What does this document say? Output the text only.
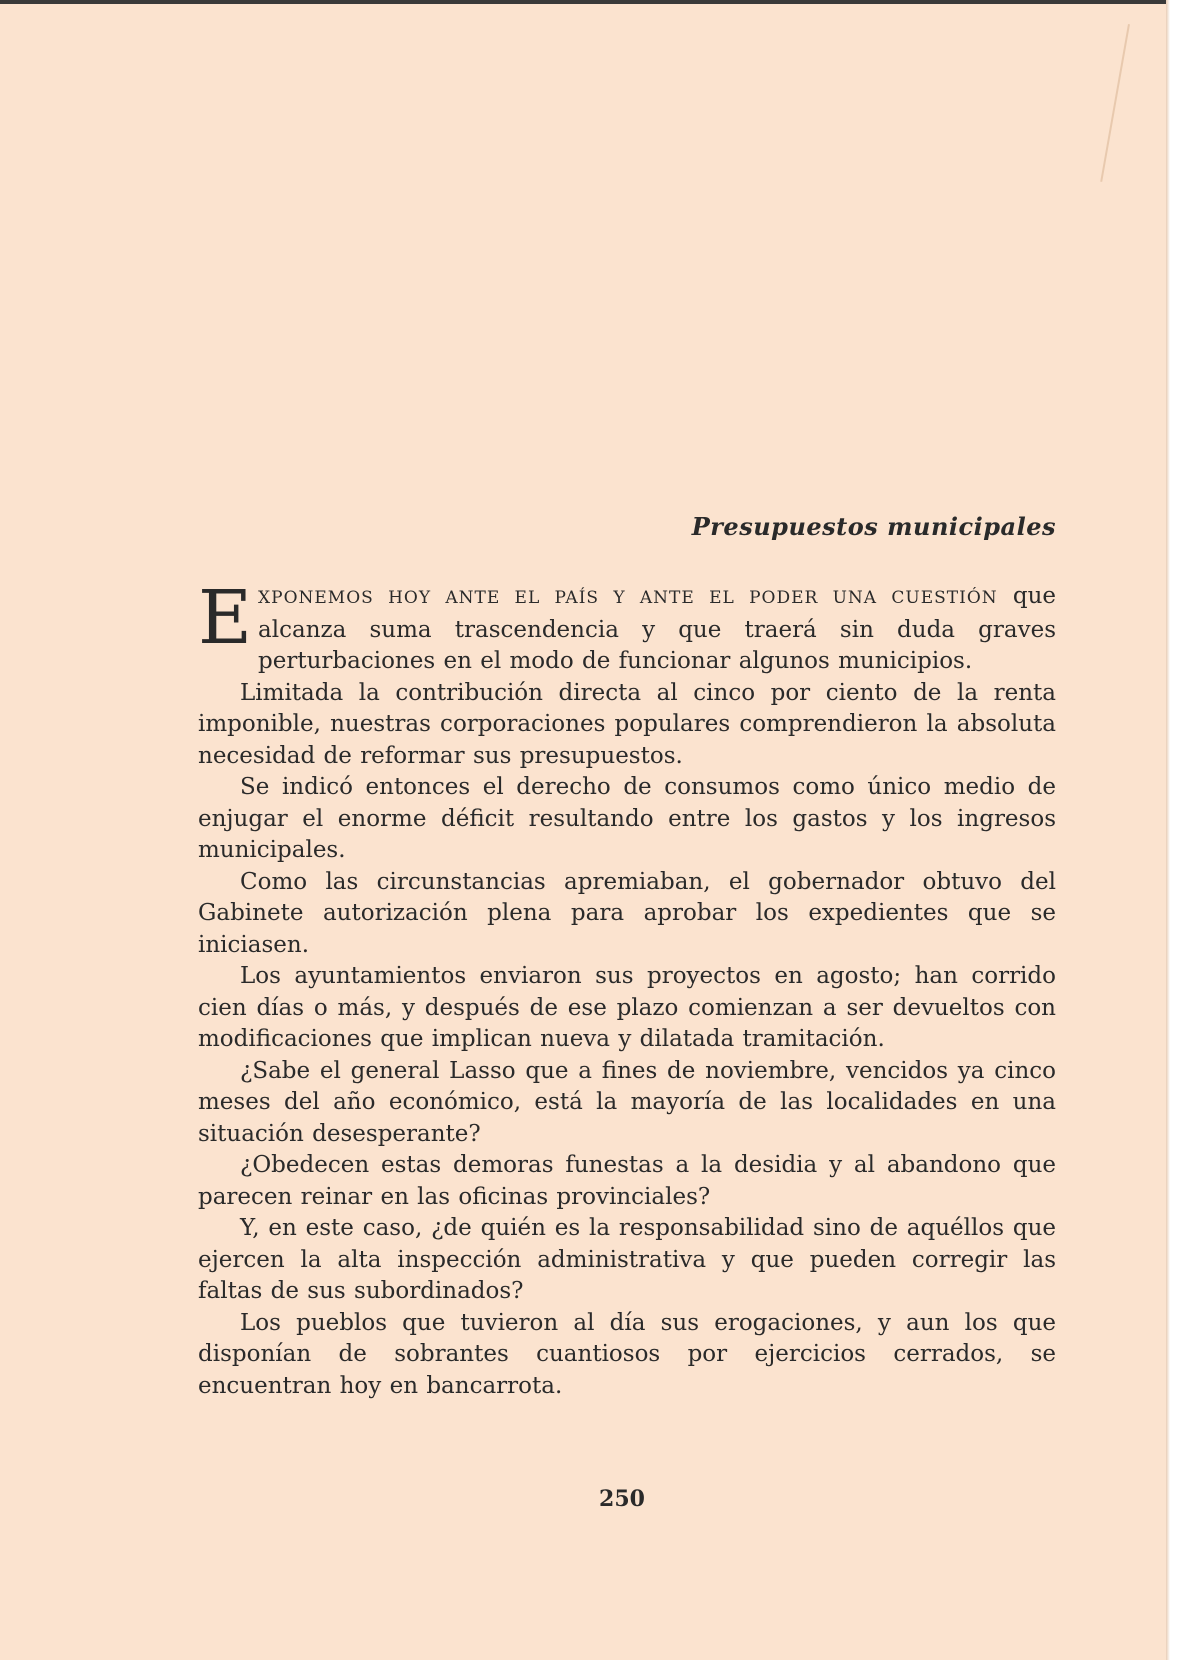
Presupuestos municipales

EXPONEMOS HOY ANTE EL PAÍS Y ANTE EL PODER UNA CUESTIÓN que alcanza suma trascendencia y que traerá sin duda graves perturbaciones en el modo de funcionar algunos municipios.

Limitada la contribución directa al cinco por ciento de la renta imponible, nuestras corporaciones populares comprendieron la absoluta necesidad de reformar sus presupuestos.

Se indicó entonces el derecho de consumos como único medio de enjugar el enorme déficit resultando entre los gastos y los ingresos municipales.

Como las circunstancias apremiaban, el gobernador obtuvo del Gabinete autorización plena para aprobar los expedientes que se iniciasen.

Los ayuntamientos enviaron sus proyectos en agosto; han corrido cien días o más, y después de ese plazo comienzan a ser devueltos con modificaciones que implican nueva y dilatada tramitación.

¿Sabe el general Lasso que a fines de noviembre, vencidos ya cinco meses del año económico, está la mayoría de las localidades en una situación desesperante?

¿Obedecen estas demoras funestas a la desidia y al abandono que parecen reinar en las oficinas provinciales?

Y, en este caso, ¿de quién es la responsabilidad sino de aquéllos que ejercen la alta inspección administrativa y que pueden corregir las faltas de sus subordinados?

Los pueblos que tuvieron al día sus erogaciones, y aun los que disponían de sobrantes cuantiosos por ejercicios cerrados, se encuentran hoy en bancarrota.

250
